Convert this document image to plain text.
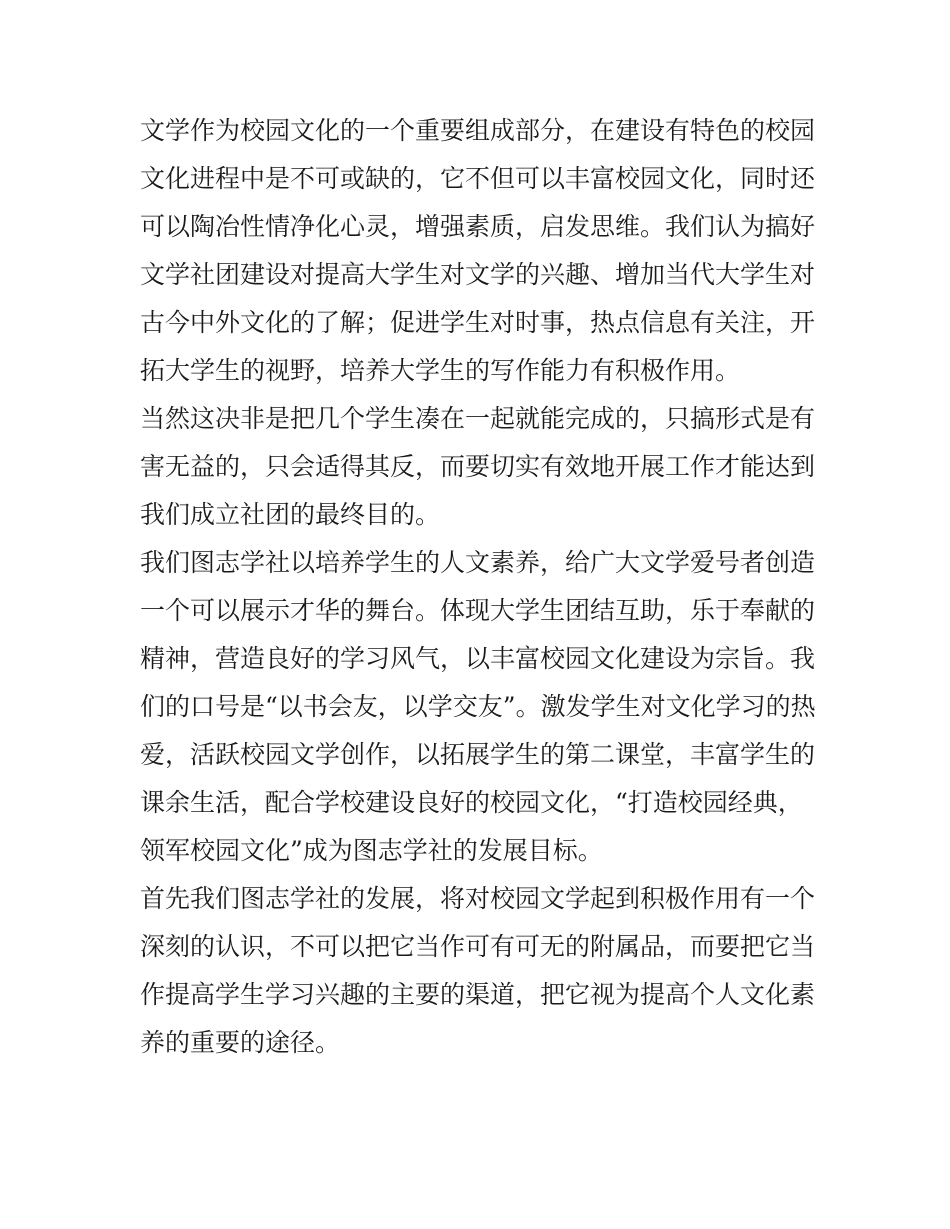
文学作为校园文化的一个重要组成部分，在建设有特色的校园
文化进程中是不可或缺的，它不但可以丰富校园文化，同时还
可以陶冶性情净化心灵，增强素质，启发思维。我们认为搞好
文学社团建设对提高大学生对文学的兴趣、增加当代大学生对
古今中外文化的了解；促进学生对时事，热点信息有关注，开
拓大学生的视野，培养大学生的写作能力有积极作用。
当然这决非是把几个学生凑在一起就能完成的，只搞形式是有
害无益的，只会适得其反，而要切实有效地开展工作才能达到
我们成立社团的最终目的。
我们图志学社以培养学生的人文素养，给广大文学爱号者创造
一个可以展示才华的舞台。体现大学生团结互助，乐于奉献的
精神，营造良好的学习风气，以丰富校园文化建设为宗旨。我
们的口号是“以书会友，以学交友”。激发学生对文化学习的热
爱，活跃校园文学创作，以拓展学生的第二课堂，丰富学生的
课余生活，配合学校建设良好的校园文化，“打造校园经典，
领军校园文化”成为图志学社的发展目标。
首先我们图志学社的发展，将对校园文学起到积极作用有一个
深刻的认识，不可以把它当作可有可无的附属品，而要把它当
作提高学生学习兴趣的主要的渠道，把它视为提高个人文化素
养的重要的途径。
